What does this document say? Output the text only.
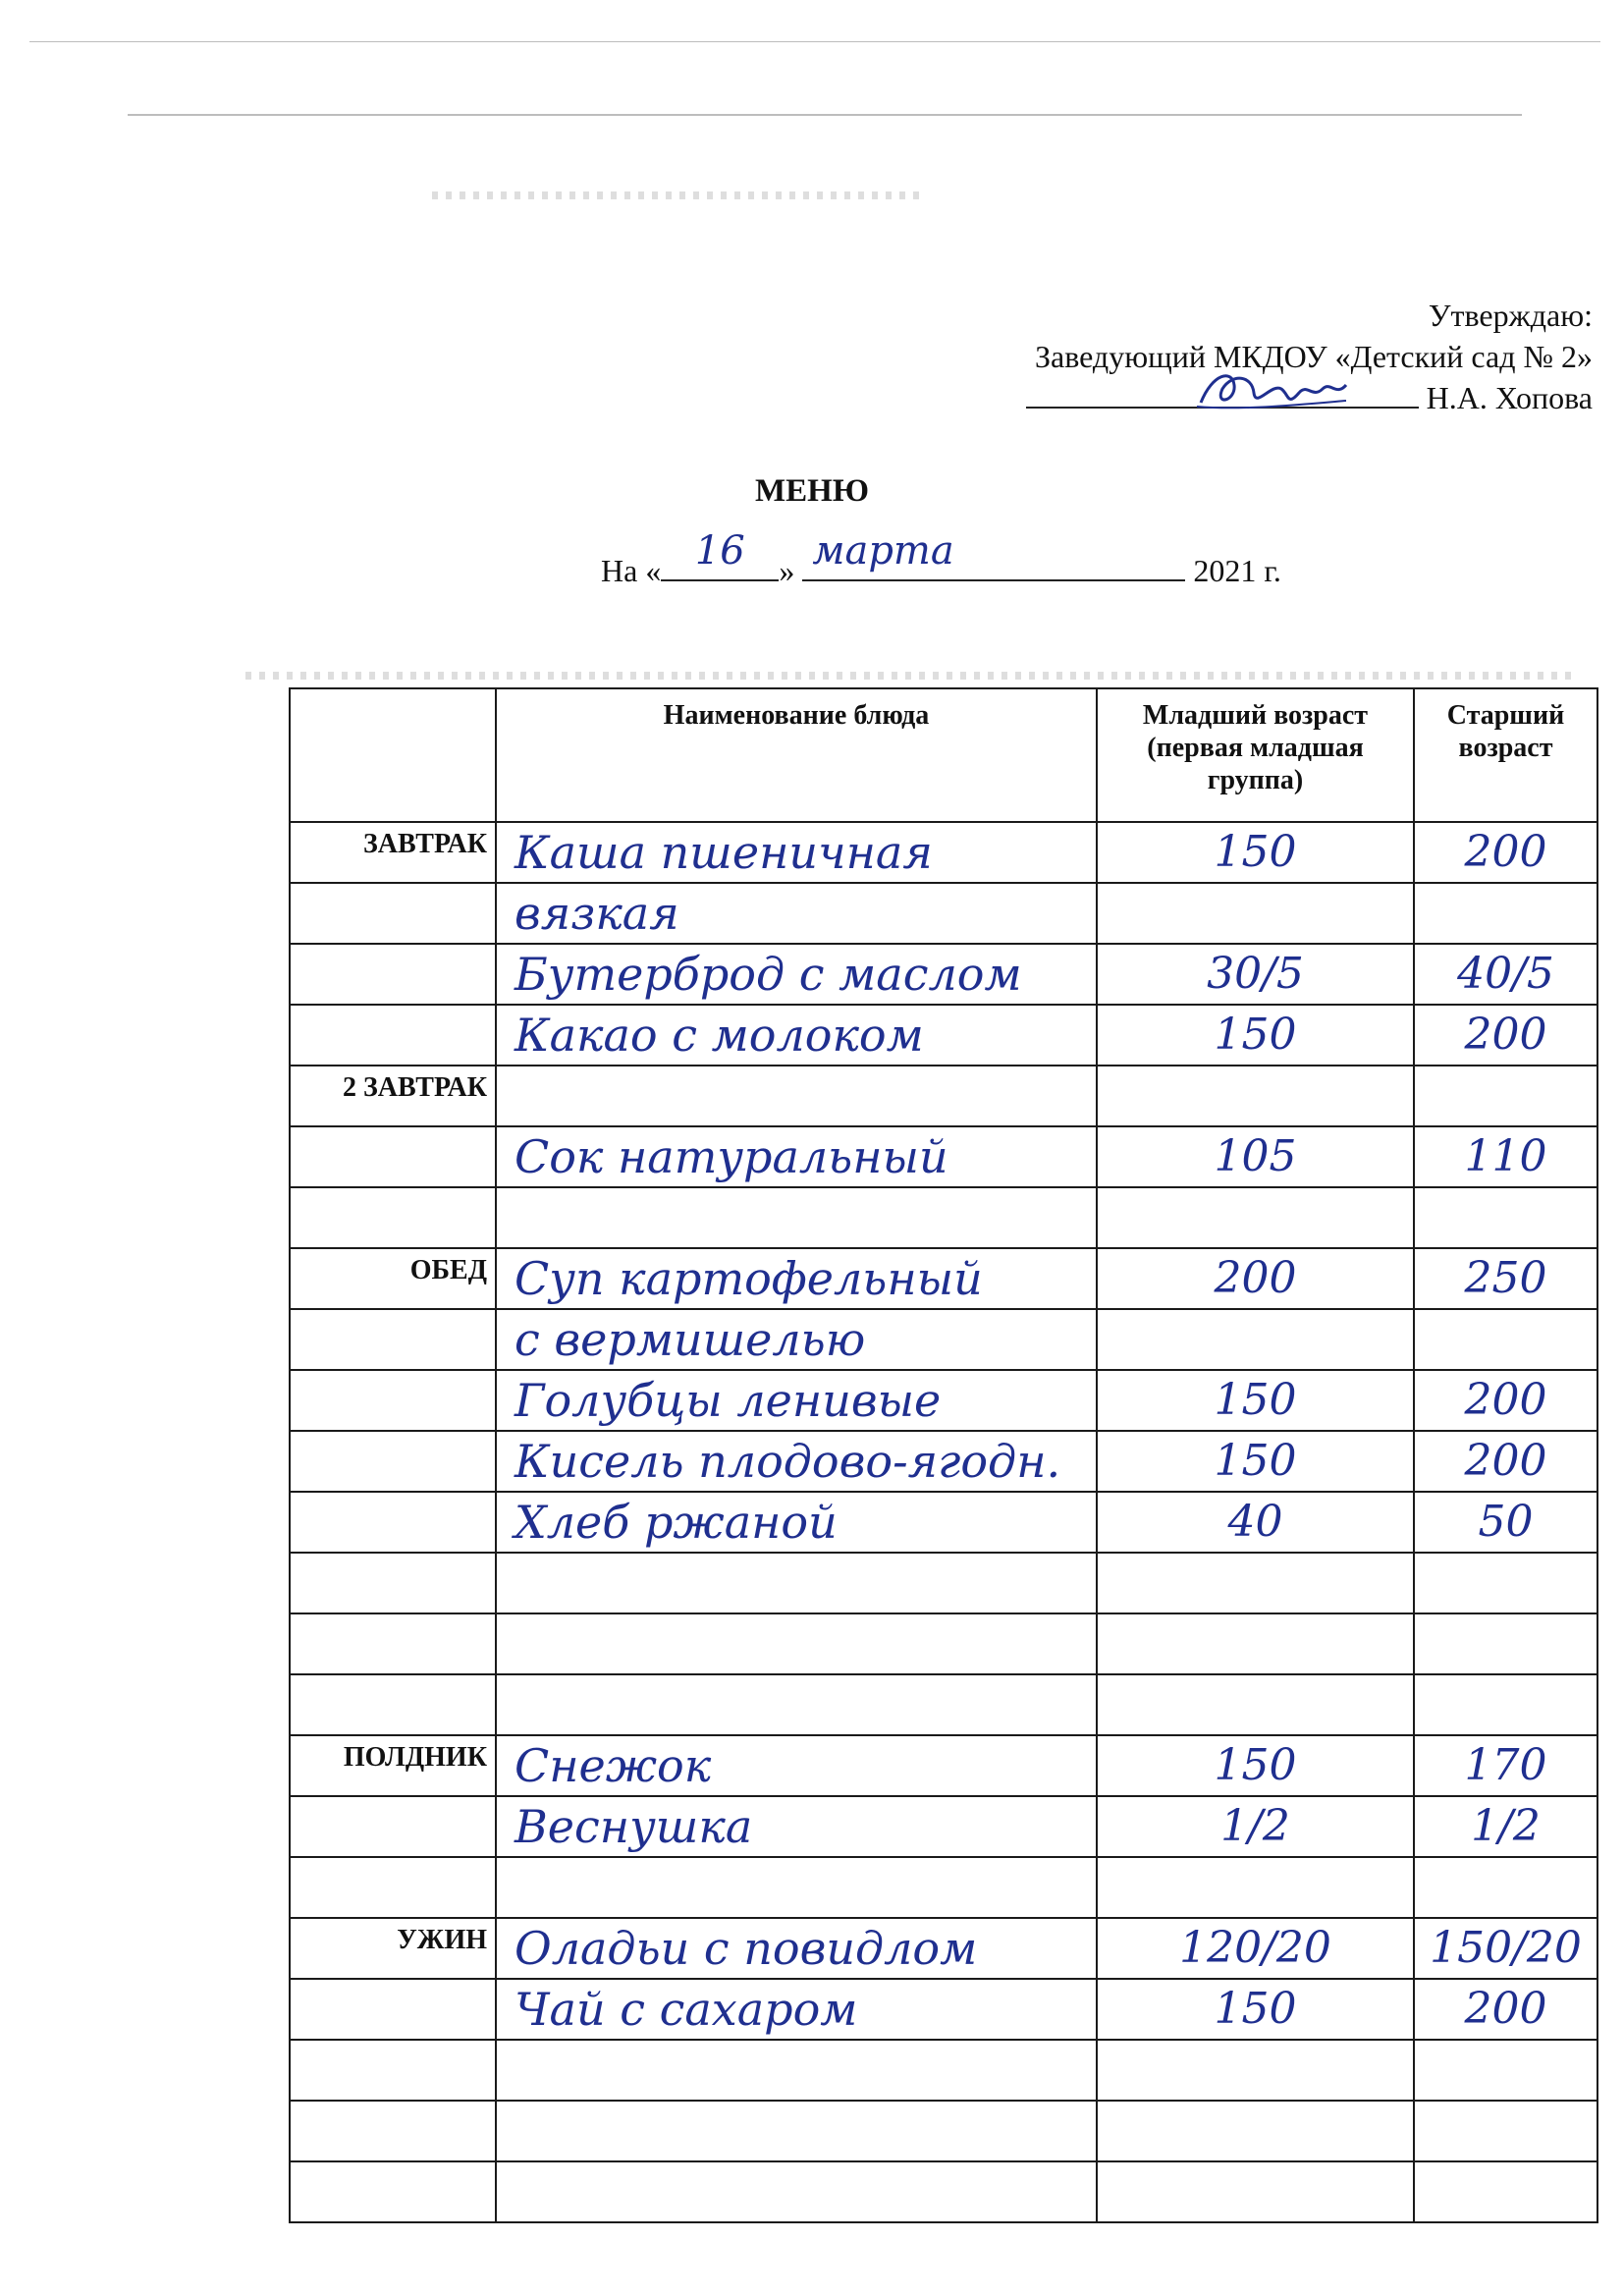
Утверждаю:
Заведующий МКДОУ «Детский сад № 2»
Н.А. Хопова
МЕНЮ
На « 16	» марта	2021 г.
	Наименование блюда	Младший возраст (первая младшая группа)	Старший возраст
ЗАВТРАК	Каша пшеничная	150	200
	вязкая		
	Бутерброд с маслом	30/5	40/5
	Какао с молоком	150	200
2 ЗАВТРАК			
	Сок натуральный	105	110

ОБЕД	Суп картофельный	200	250
	с вермишелью		
	Голубцы ленивые	150	200
	Кисель плодово-ягодн.	150	200
	Хлеб ржаной	40	50

ПОЛДНИК	Снежок	150	170
	Веснушка	1/2	1/2

УЖИН	Оладьи с повидлом	120/20	150/20
	Чай с сахаром	150	200
